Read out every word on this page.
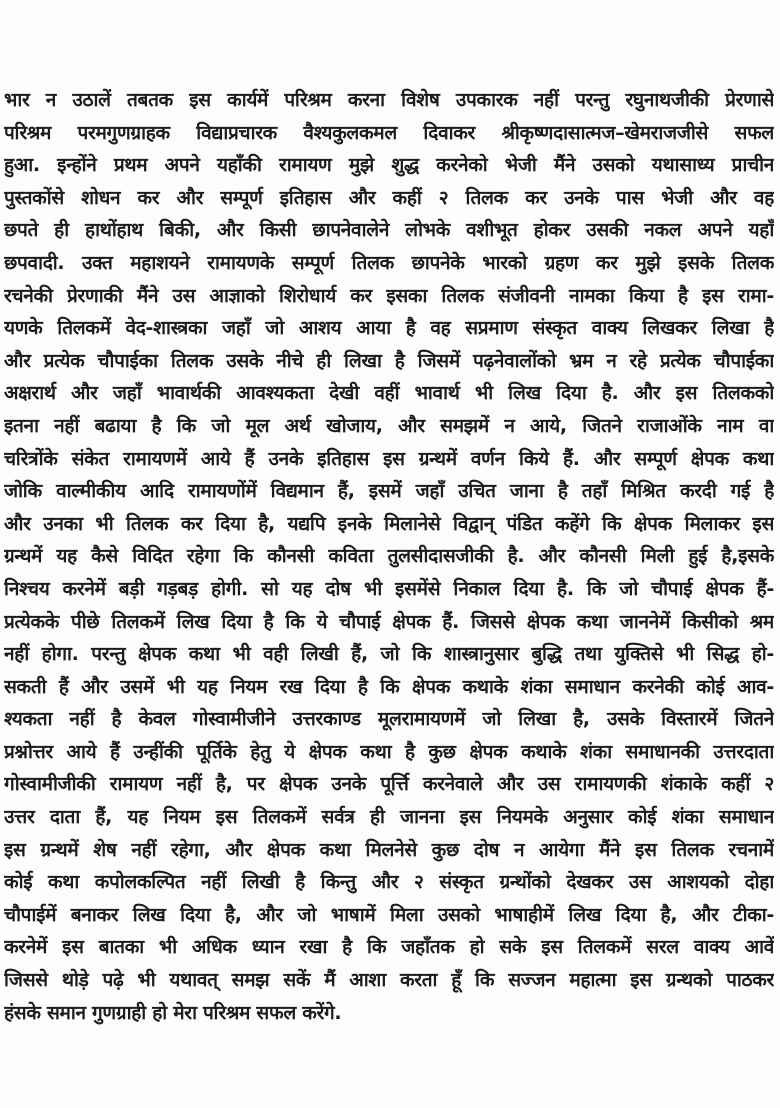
भार न उठालें तबतक इस कार्यमें परिश्रम करना विशेष उपकारक नहीं परन्तु रघुनाथजीकी प्रेरणासे
परिश्रम परमगुणग्राहक विद्याप्रचारक वैश्यकुलकमल दिवाकर श्रीकृष्णदासात्मज–खेमराजजीसे सफल
हुआ. इन्होंने प्रथम अपने यहाँकी रामायण मुझे शुद्ध करनेको भेजी मैंने उसको यथासाध्य प्राचीन
पुस्तकोंसे शोधन कर और सम्पूर्ण इतिहास और कहीं २ तिलक कर उनके पास भेजी और वह
छपते ही हाथोंहाथ बिकी, और किसी छापनेवालेने लोभके वशीभूत होकर उसकी नकल अपने यहाँ
छपवादी. उक्त महाशयने रामायणके सम्पूर्ण तिलक छापनेके भारको ग्रहण कर मुझे इसके तिलक
रचनेकी प्रेरणाकी मैंने उस आज्ञाको शिरोधार्य कर इसका तिलक संजीवनी नामका किया है इस रामा-
यणके तिलकमें वेद-शास्त्रका जहाँ जो आशय आया है वह सप्रमाण संस्कृत वाक्य लिखकर लिखा है
और प्रत्येक चौपाईका तिलक उसके नीचे ही लिखा है जिसमें पढ़नेवालोंको भ्रम न रहे प्रत्येक चौपाईका
अक्षरार्थ और जहाँ भावार्थकी आवश्यकता देखी वहीं भावार्थ भी लिख दिया है. और इस तिलकको
इतना नहीं बढाया है कि जो मूल अर्थ खोजाय, और समझमें न आये, जितने राजाओंके नाम वा
चरित्रोंके संकेत रामायणमें आये हैं उनके इतिहास इस ग्रन्थमें वर्णन किये हैं. और सम्पूर्ण क्षेपक कथा
जोकि वाल्मीकीय आदि रामायणोंमें विद्यमान हैं, इसमें जहाँ उचित जाना है तहाँ मिश्रित करदी गई है
और उनका भी तिलक कर दिया है, यद्यपि इनके मिलानेसे विद्वान् पंडित कहेंगे कि क्षेपक मिलाकर इस
ग्रन्थमें यह कैसे विदित रहेगा कि कौनसी कविता तुलसीदासजीकी है. और कौनसी मिली हुई है,इसके
निश्चय करनेमें बड़ी गड़बड़ होगी. सो यह दोष भी इसमेंसे निकाल दिया है. कि जो चौपाई क्षेपक हैं-
प्रत्येकके पीछे तिलकमें लिख दिया है कि ये चौपाई क्षेपक हैं. जिससे क्षेपक कथा जाननेमें किसीको श्रम
नहीं होगा. परन्तु क्षेपक कथा भी वही लिखी हैं, जो कि शास्त्रानुसार बुद्धि तथा युक्तिसे भी सिद्ध हो-
सकती हैं और उसमें भी यह नियम रख दिया है कि क्षेपक कथाके शंका समाधान करनेकी कोई आव-
श्यकता नहीं है केवल गोस्वामीजीने उत्तरकाण्ड मूलरामायणमें जो लिखा है, उसके विस्तारमें जितने
प्रश्नोत्तर आये हैं उन्हींकी पूर्तिके हेतु ये क्षेपक कथा है कुछ क्षेपक कथाके शंका समाधानकी उत्तरदाता
गोस्वामीजीकी रामायण नहीं है, पर क्षेपक उनके पूर्त्ति करनेवाले और उस रामायणकी शंकाके कहीं २
उत्तर दाता हैं, यह नियम इस तिलकमें सर्वत्र ही जानना इस नियमके अनुसार कोई शंका समाधान
इस ग्रन्थमें शेष नहीं रहेगा, और क्षेपक कथा मिलनेसे कुछ दोष न आयेगा मैंने इस तिलक रचनामें
कोई कथा कपोलकल्पित नहीं लिखी है किन्तु और २ संस्कृत ग्रन्थोंको देखकर उस आशयको दोहा
चौपाईमें बनाकर लिख दिया है, और जो भाषामें मिला उसको भाषाहीमें लिख दिया है, और टीका-
करनेमें इस बातका भी अधिक ध्यान रखा है कि जहाँतक हो सके इस तिलकमें सरल वाक्य आवें
जिससे थोड़े पढ़े भी यथावत् समझ सकें मैं आशा करता हूँ कि सज्जन महात्मा इस ग्रन्थको पाठकर
हंसके समान गुणग्राही हो मेरा परिश्रम सफल करेंगे.
